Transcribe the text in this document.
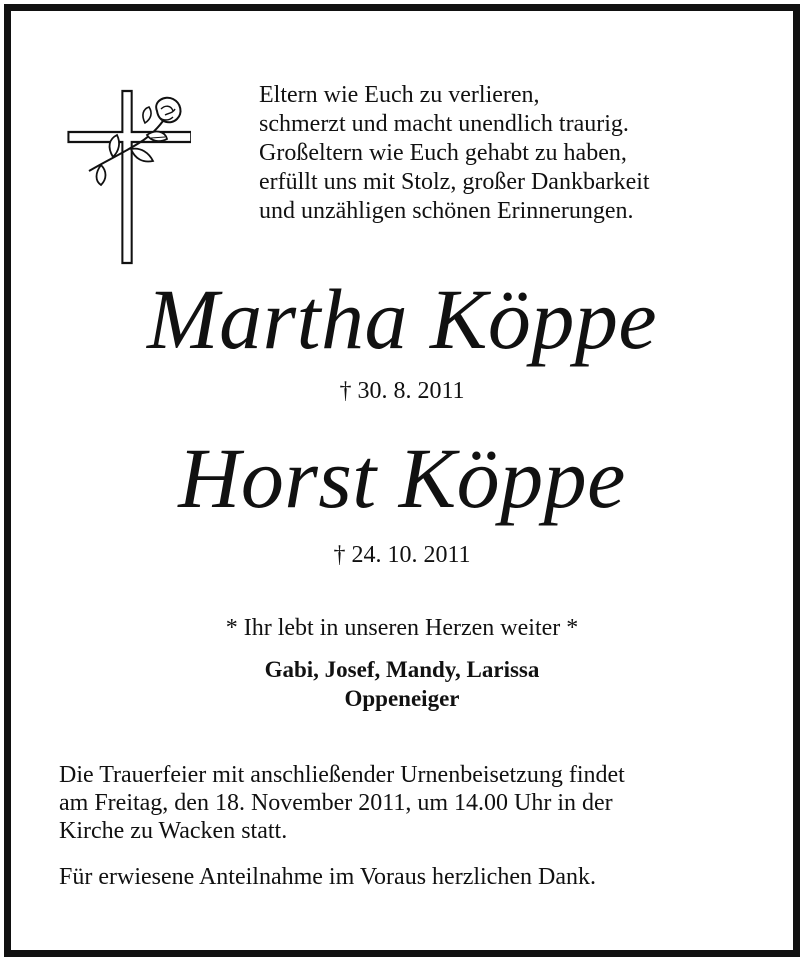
Eltern wie Euch zu verlieren,
schmerzt und macht unendlich traurig.
Großeltern wie Euch gehabt zu haben,
erfüllt uns mit Stolz, großer Dankbarkeit
und unzähligen schönen Erinnerungen.
Martha Köppe
† 30. 8. 2011
Horst Köppe
† 24. 10. 2011
* Ihr lebt in unseren Herzen weiter *
Gabi, Josef, Mandy, Larissa
Oppeneiger
Die Trauerfeier mit anschließender Urnenbeisetzung findet
am Freitag, den 18. November 2011, um 14.00 Uhr in der
Kirche zu Wacken statt.
Für erwiesene Anteilnahme im Voraus herzlichen Dank.
